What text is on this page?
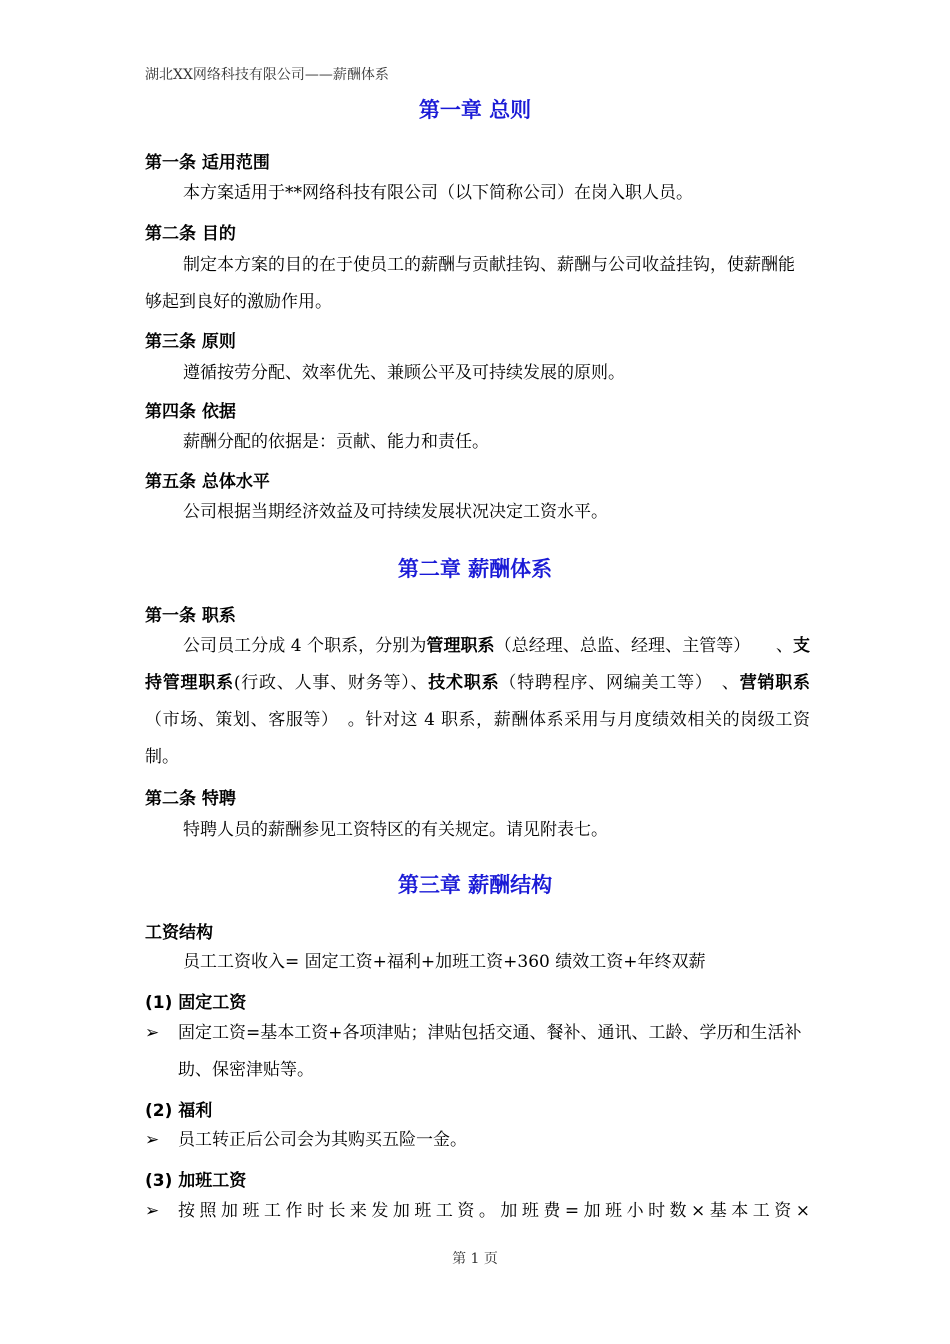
湖北XX网络科技有限公司——薪酬体系
第一章 总则
第一条 适用范围
本方案适用于**网络科技有限公司（以下简称公司）在岗入职人员。
第二条 目的
制定本方案的目的在于使员工的薪酬与贡献挂钩、薪酬与公司收益挂钩，使薪酬能够起到良好的激励作用。
第三条 原则
遵循按劳分配、效率优先、兼顾公平及可持续发展的原则。
第四条 依据
薪酬分配的依据是：贡献、能力和责任。
第五条 总体水平
公司根据当期经济效益及可持续发展状况决定工资水平。
第二章 薪酬体系
第一条 职系
公司员工分成 4 个职系，分别为管理职系（总经理、总监、经理、主管等）　　、支持管理职系(行政、人事、财务等）、技术职系（特聘程序、网编美工等）　、营销职系（市场、策划、客服等）　。针对这 4 职系，薪酬体系采用与月度绩效相关的岗级工资制。
第二条 特聘
特聘人员的薪酬参见工资特区的有关规定。请见附表七。
第三章 薪酬结构
工资结构
员工工资收入= 固定工资+福利+加班工资+360 绩效工资+年终双薪
(1) 固定工资
➢	固定工资=基本工资+各项津贴；津贴包括交通、餐补、通讯、工龄、学历和生活补助、保密津贴等。
(2) 福利
➢	员工转正后公司会为其购买五险一金。
(3) 加班工资
➢	按照加班工作时长来发加班工资。加班费=加班小时数×基本工资×
第 1 页
